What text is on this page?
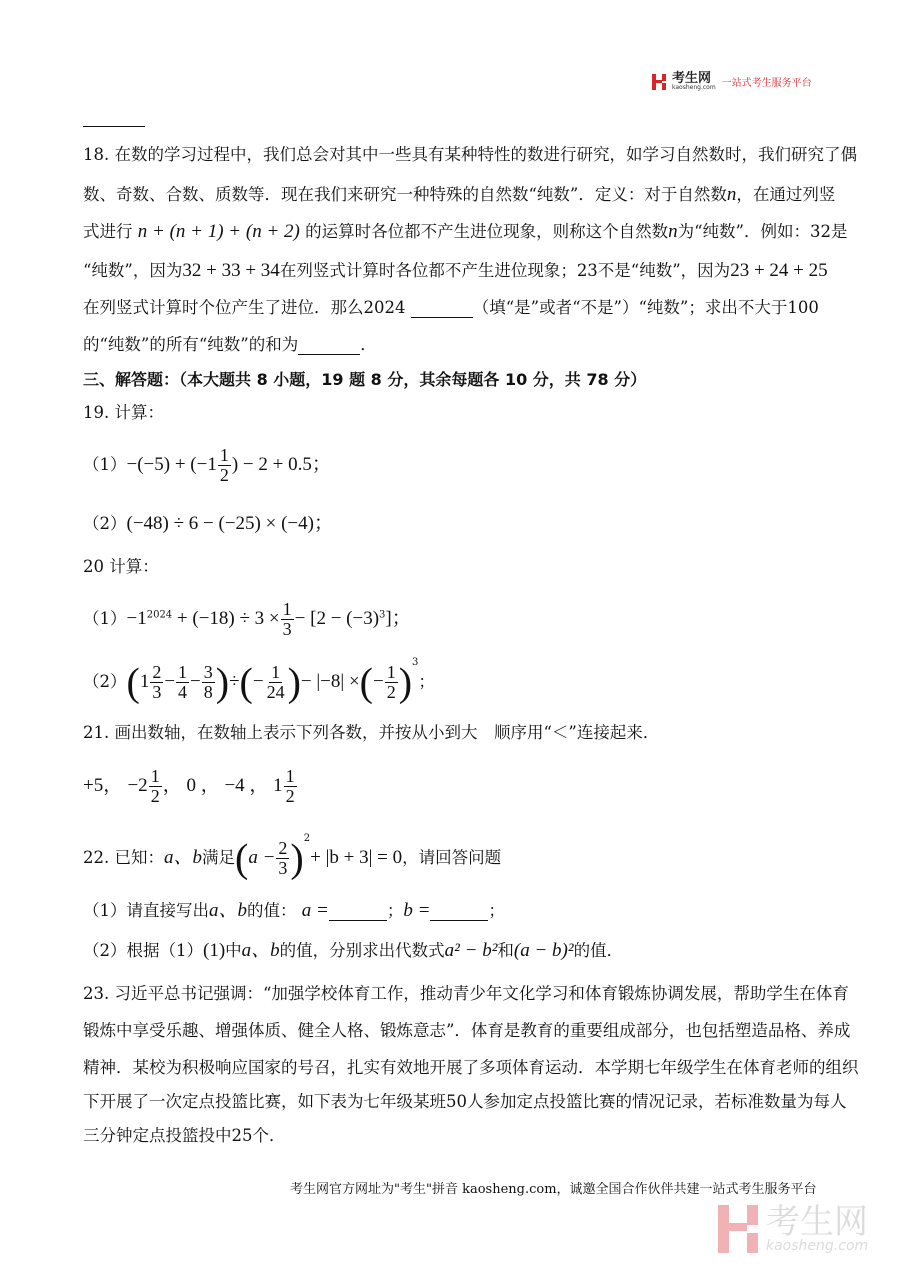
考生网
kaosheng.com 一站式考生服务平台
18. 在数的学习过程中，我们总会对其中一些具有某种特性的数进行研究，如学习自然数时，我们研究了偶
数、奇数、合数、质数等．现在我们来研究一种特殊的自然数“纯数”．定义：对于自然数n，在通过列竖
式进行 n + (n + 1) + (n + 2) 的运算时各位都不产生进位现象，则称这个自然数n为“纯数”．例如：32是
“纯数”，因为32 + 33 + 34在列竖式计算时各位都不产生进位现象；23不是“纯数”，因为23 + 24 + 25
在列竖式计算时个位产生了进位．那么2024	（填“是”或者“不是”）“纯数”；求出不大于100
的“纯数”的所有“纯数”的和为	．
三、解答题：（本大题共 8 小题，19 题 8 分，其余每题各 10 分，共 78 分）
19. 计算：
$(1)-(-5) + (-1 \frac{1}{2}$ ) − 2 + 0.5；
（2）(−48) ÷ 6 − (−25) × (−4)；
20 计算：
$(1)-1^{2024} + (-18) \div 3 \times \frac{1}{3} - [2 - (-3)^3]$；
$(2)(1 \frac{2}{3} - \frac{1}{4} - \frac{3}{8}$ )÷(− $\frac{1}{24}$ )− |−8| ×(− $\frac{1}{2} )^3$；
21. 画出数轴，在数轴上表示下列各数，并按从小到大　顺序用“＜”连接起来．
+5， $-2 \frac{1}{2}$ ， 0 ， −4 ， $1 \frac{1}{2}$
22. 已知：a、b满足$(a - \frac{2}{3} )^2+ |b + 3| = 0$，请回答问题
（1）请直接写出a、b的值： a =	；b =	；
（2）根据（1）(1)中a、b的值，分别求出代数式a² − b²和(a − b)²的值．
23. 习近平总书记强调：“加强学校体育工作，推动青少年文化学习和体育锻炼协调发展，帮助学生在体育
锻炼中享受乐趣、增强体质、健全人格、锻炼意志”．体育是教育的重要组成部分，也包括塑造品格、养成
精神．某校为积极响应国家的号召，扎实有效地开展了多项体育运动．本学期七年级学生在体育老师的组织
下开展了一次定点投篮比赛，如下表为七年级某班50人参加定点投篮比赛的情况记录，若标准数量为每人
三分钟定点投篮投中25个．
考生网官方网址为"考生"拼音 kaosheng.com，诚邀全国合作伙伴共建一站式考生服务平台
考生网
kaosheng.com
